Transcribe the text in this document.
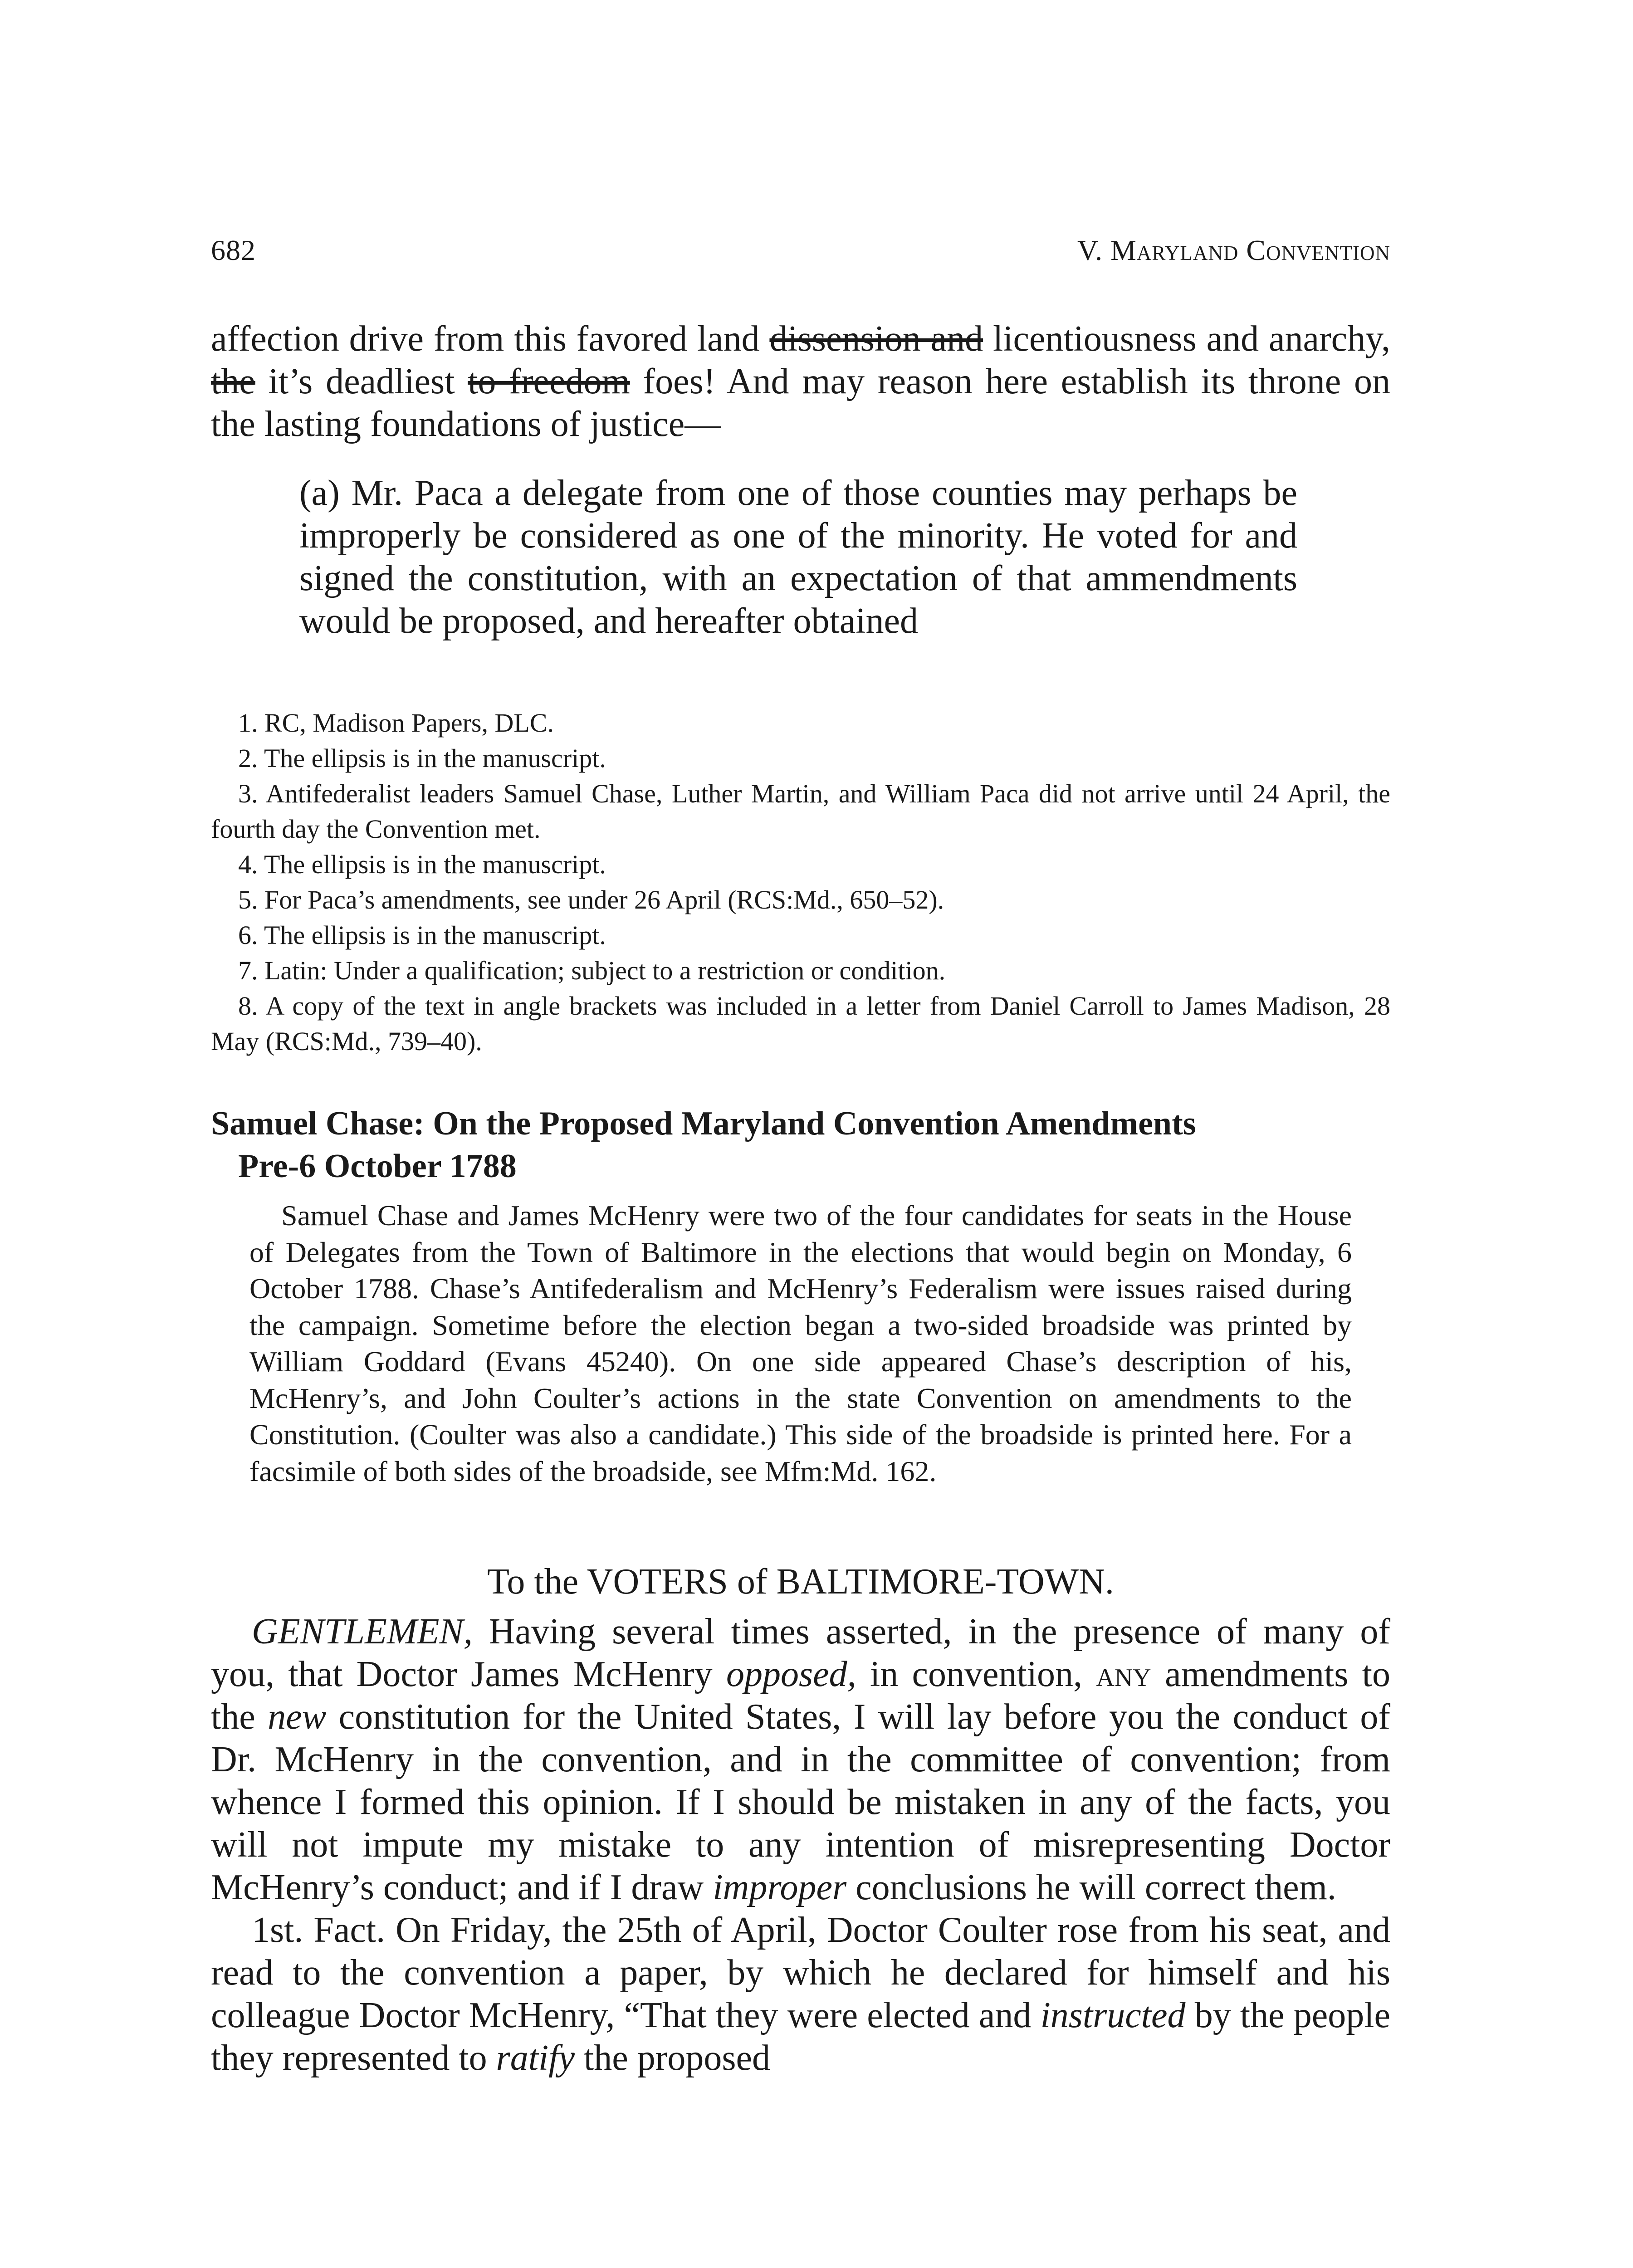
682	V. Maryland Convention

affection drive from this favored land dissension and licentiousness and anarchy, the it’s deadliest to freedom foes! And may reason here establish its throne on the lasting foundations of justice—

(a) Mr. Paca a delegate from one of those counties may perhaps be improperly be considered as one of the minority. He voted for and signed the constitution, with an expectation of that ammendments would be proposed, and hereafter obtained

1. RC, Madison Papers, DLC.

2. The ellipsis is in the manuscript.

3. Antifederalist leaders Samuel Chase, Luther Martin, and William Paca did not arrive until 24 April, the fourth day the Convention met.

4. The ellipsis is in the manuscript.

5. For Paca’s amendments, see under 26 April (RCS:Md., 650–52).

6. The ellipsis is in the manuscript.

7. Latin: Under a qualification; subject to a restriction or condition.

8. A copy of the text in angle brackets was included in a letter from Daniel Carroll to James Madison, 28 May (RCS:Md., 739–40).

Samuel Chase: On the Proposed Maryland Convention Amendments

Pre-6 October 1788

Samuel Chase and James McHenry were two of the four candidates for seats in the House of Delegates from the Town of Baltimore in the elections that would begin on Monday, 6 October 1788. Chase’s Antifederalism and McHenry’s Federalism were issues raised during the campaign. Sometime before the election began a two-sided broadside was printed by William Goddard (Evans 45240). On one side appeared Chase’s description of his, McHenry’s, and John Coulter’s actions in the state Convention on amendments to the Constitution. (Coulter was also a candidate.) This side of the broadside is printed here. For a facsimile of both sides of the broadside, see Mfm:Md. 162.
To the VOTERS of BALTIMORE-TOWN.

GENTLEMEN, Having several times asserted, in the presence of many of you, that Doctor James McHenry opposed, in convention, any amendments to the new constitution for the United States, I will lay before you the conduct of Dr. McHenry in the convention, and in the committee of convention; from whence I formed this opinion. If I should be mistaken in any of the facts, you will not impute my mistake to any intention of misrepresenting Doctor McHenry’s conduct; and if I draw improper conclusions he will correct them.

1st. Fact. On Friday, the 25th of April, Doctor Coulter rose from his seat, and read to the convention a paper, by which he declared for himself and his colleague Doctor McHenry, “That they were elected and instructed by the people they represented to ratify the proposed
